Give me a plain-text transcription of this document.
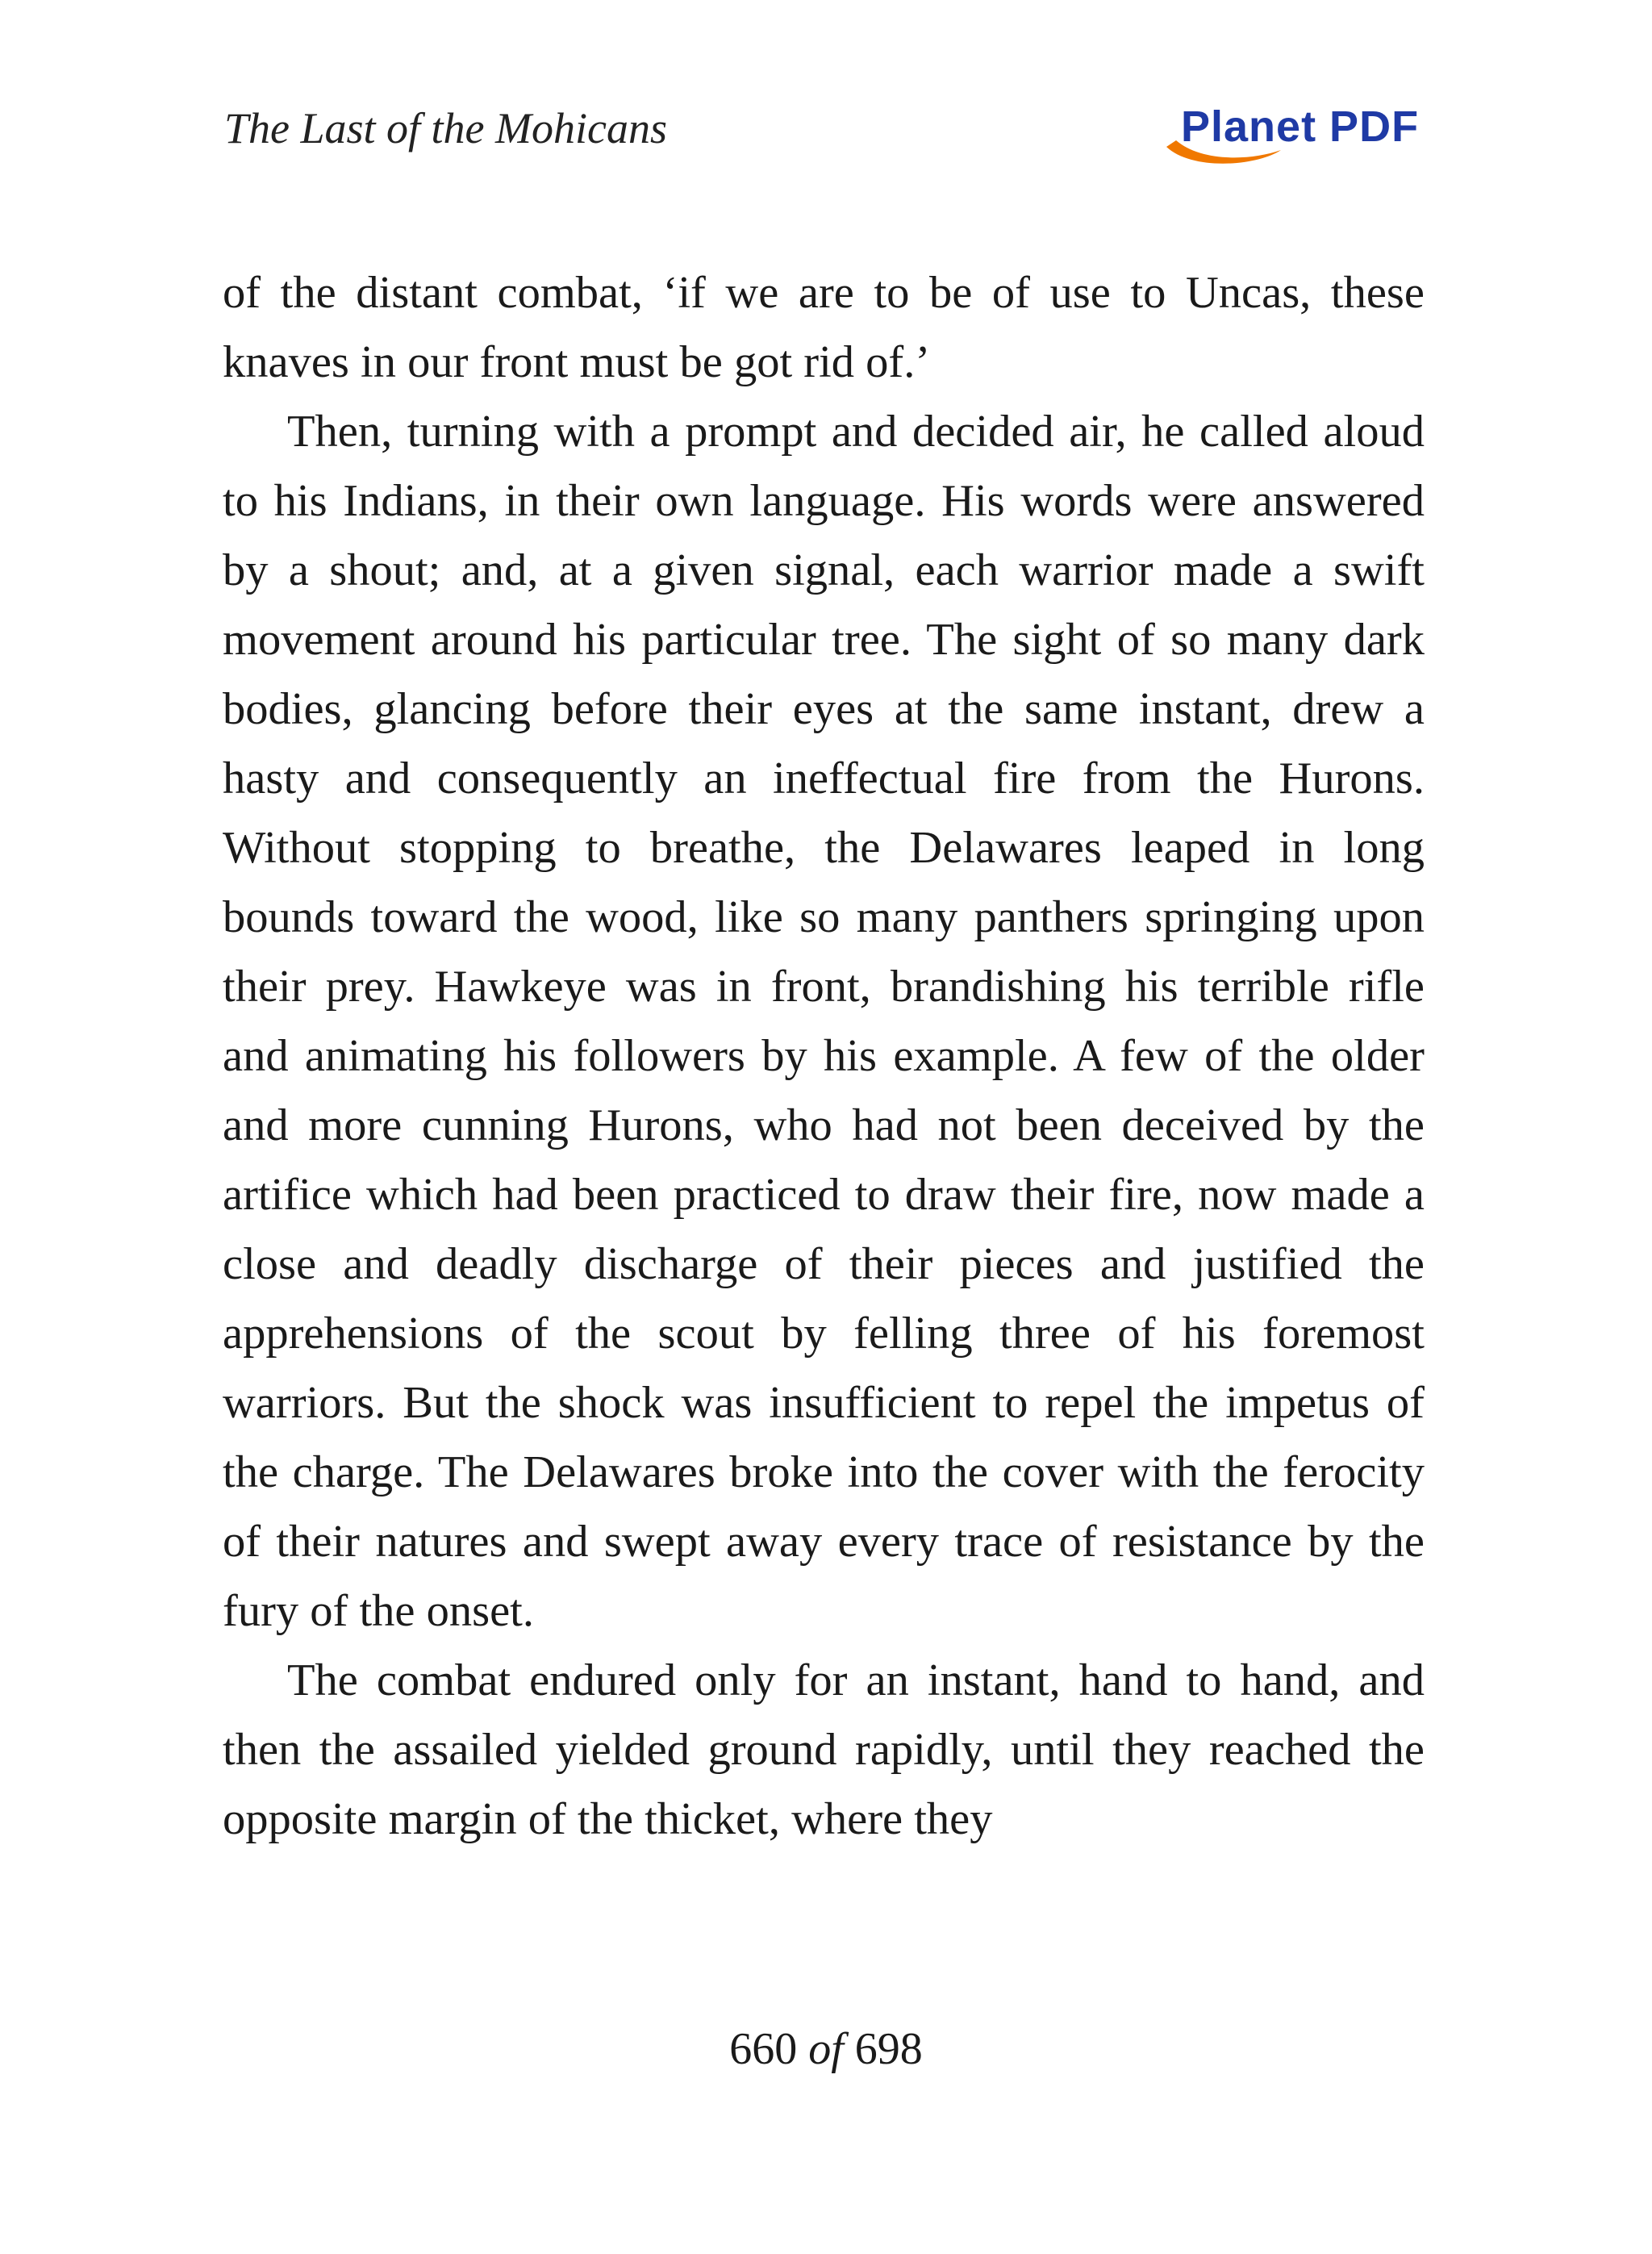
The Last of the Mohicans	Planet PDF

of the distant combat, ‘if we are to be of use to Uncas, these knaves in our front must be got rid of.’

Then, turning with a prompt and decided air, he called aloud to his Indians, in their own language. His words were answered by a shout; and, at a given signal, each warrior made a swift movement around his particular tree. The sight of so many dark bodies, glancing before their eyes at the same instant, drew a hasty and consequently an ineffectual fire from the Hurons. Without stopping to breathe, the Delawares leaped in long bounds toward the wood, like so many panthers springing upon their prey. Hawkeye was in front, brandishing his terrible rifle and animating his followers by his example. A few of the older and more cunning Hurons, who had not been deceived by the artifice which had been practiced to draw their fire, now made a close and deadly discharge of their pieces and justified the apprehensions of the scout by felling three of his foremost warriors. But the shock was insufficient to repel the impetus of the charge. The Delawares broke into the cover with the ferocity of their natures and swept away every trace of resistance by the fury of the onset.

The combat endured only for an instant, hand to hand, and then the assailed yielded ground rapidly, until they reached the opposite margin of the thicket, where they

660 of 698
